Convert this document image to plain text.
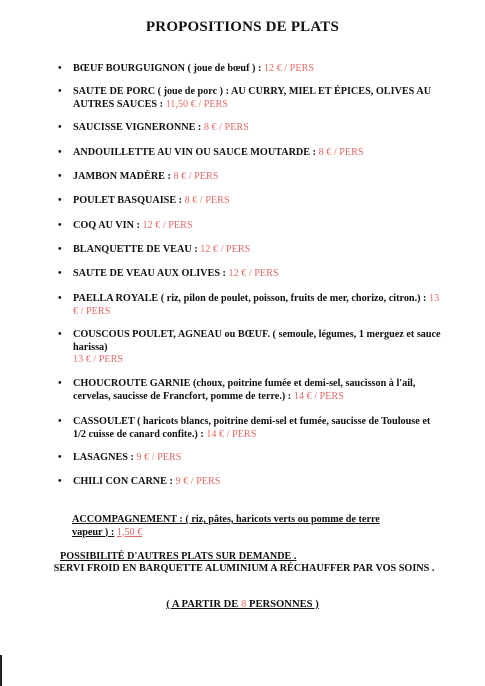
PROPOSITIONS DE PLATS
•	BŒUF BOURGUIGNON ( joue de bœuf ) : 12 € / PERS
•	SAUTE DE PORC ( joue de porc ) : AU CURRY, MIEL ET ÉPICES, OLIVES AU AUTRES SAUCES : 11,50 € / PERS
•	SAUCISSE VIGNERONNE : 8 € / PERS
•	ANDOUILLETTE AU VIN OU SAUCE MOUTARDE : 8 € / PERS
•	JAMBON MADÈRE : 8 € / PERS
•	POULET BASQUAISE : 8 € / PERS
•	COQ AU VIN : 12 € / PERS
•	BLANQUETTE DE VEAU : 12 € / PERS
•	SAUTE DE VEAU AUX OLIVES : 12 € / PERS
•	PAELLA ROYALE ( riz, pilon de poulet, poisson, fruits de mer, chorizo, citron.) : 13 € / PERS
•	COUSCOUS POULET, AGNEAU ou BŒUF. ( semoule, légumes, 1 merguez et sauce harissa)
13 € / PERS
•	CHOUCROUTE GARNIE (choux, poitrine fumée et demi-sel, saucisson à l'ail, cervelas, saucisse de Francfort, pomme de terre.) : 14 € / PERS
•	CASSOULET ( haricots blancs, poitrine demi-sel et fumée, saucisse de Toulouse et 1/2 cuisse de canard confite.) : 14 € / PERS
•	LASAGNES : 9 € / PERS
•	CHILI CON CARNE : 9 € / PERS
ACCOMPAGNEMENT : ( riz, pâtes, haricots verts ou pomme de terre vapeur ) : 1,50 €
POSSIBILITÉ D'AUTRES PLATS SUR DEMANDE .
SERVI FROID EN BARQUETTE ALUMINIUM A RÉCHAUFFER PAR VOS SOINS .
( A PARTIR DE 8 PERSONNES )
